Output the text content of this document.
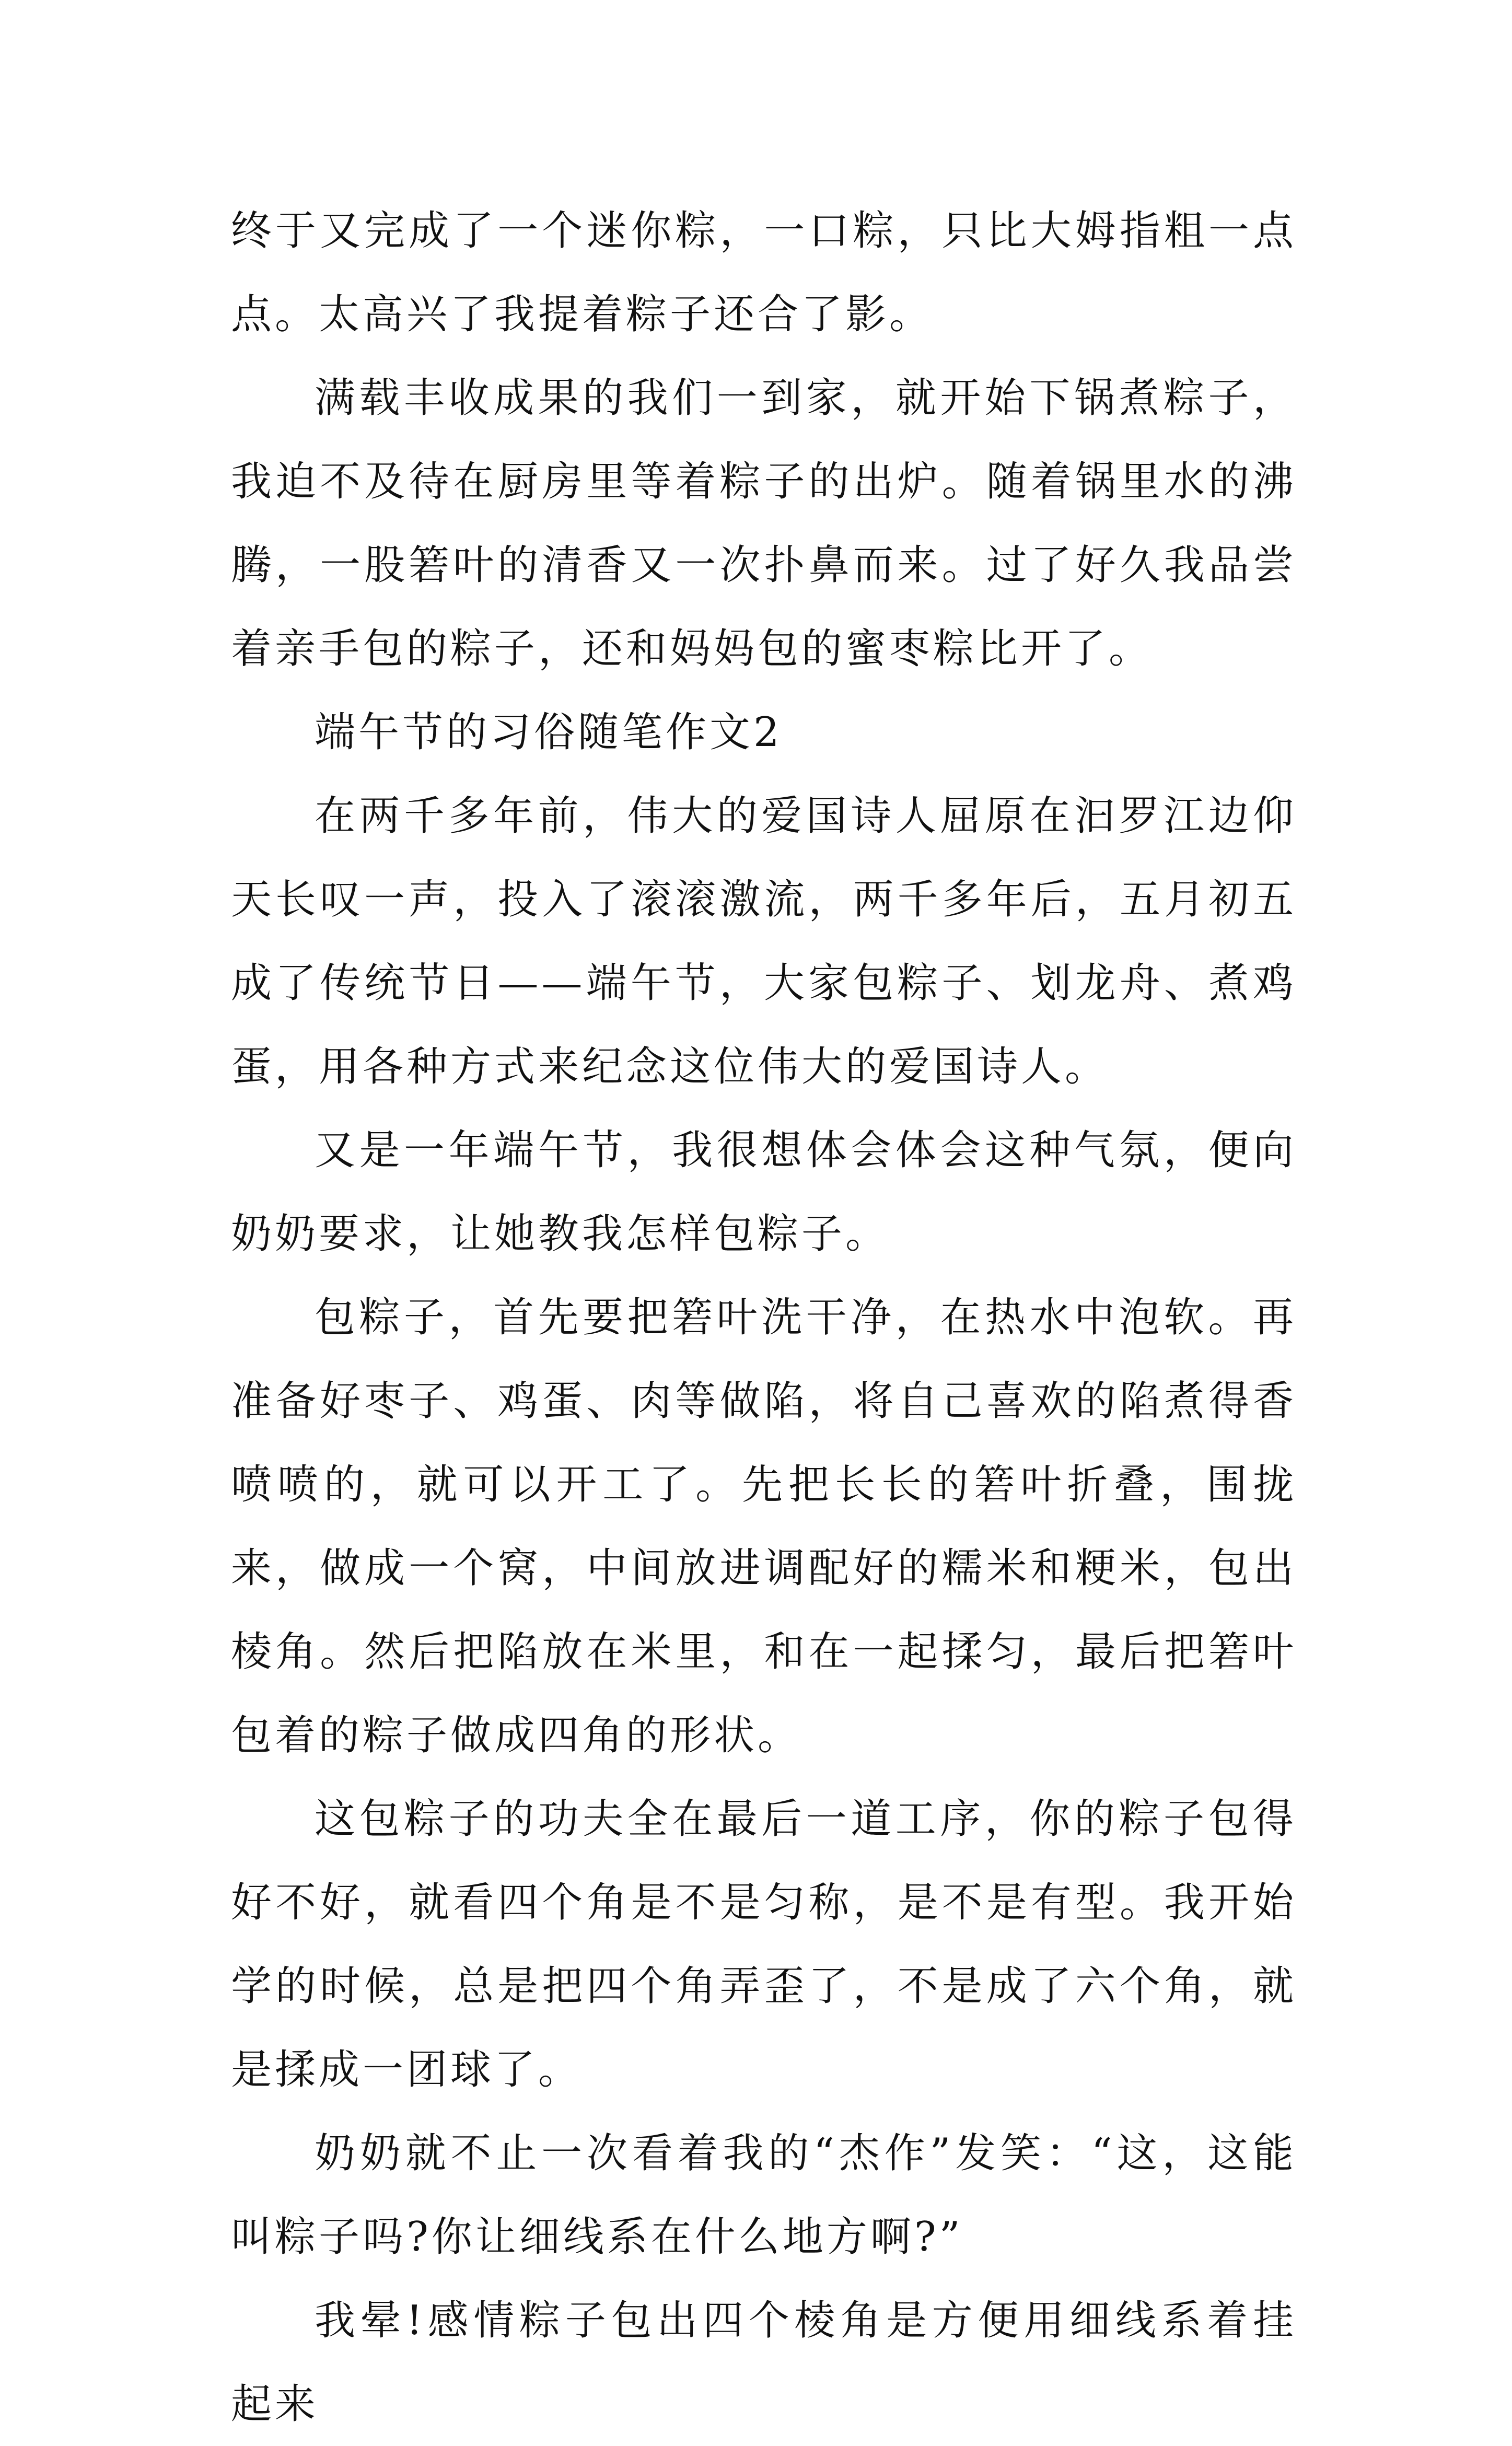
终于又完成了一个迷你粽，一口粽，只比大姆指粗一点点。太高兴了我提着粽子还合了影。

满载丰收成果的我们一到家，就开始下锅煮粽子，我迫不及待在厨房里等着粽子的出炉。随着锅里水的沸腾，一股箬叶的清香又一次扑鼻而来。过了好久我品尝着亲手包的粽子，还和妈妈包的蜜枣粽比开了。

端午节的习俗随笔作文2

在两千多年前，伟大的爱国诗人屈原在汩罗江边仰天长叹一声，投入了滚滚激流，两千多年后，五月初五成了传统节日——端午节，大家包粽子、划龙舟、煮鸡蛋，用各种方式来纪念这位伟大的爱国诗人。

又是一年端午节，我很想体会体会这种气氛，便向奶奶要求，让她教我怎样包粽子。

包粽子，首先要把箬叶洗干净，在热水中泡软。再准备好枣子、鸡蛋、肉等做陷，将自己喜欢的陷煮得香喷喷的，就可以开工了。先把长长的箬叶折叠，围拢来，做成一个窝，中间放进调配好的糯米和粳米，包出棱角。然后把陷放在米里，和在一起揉匀，最后把箬叶包着的粽子做成四角的形状。

这包粽子的功夫全在最后一道工序，你的粽子包得好不好，就看四个角是不是匀称，是不是有型。我开始学的时候，总是把四个角弄歪了，不是成了六个角，就是揉成一团球了。

奶奶就不止一次看着我的“杰作”发笑：“这，这能叫粽子吗?你让细线系在什么地方啊?”

我晕!感情粽子包出四个棱角是方便用细线系着挂起来
